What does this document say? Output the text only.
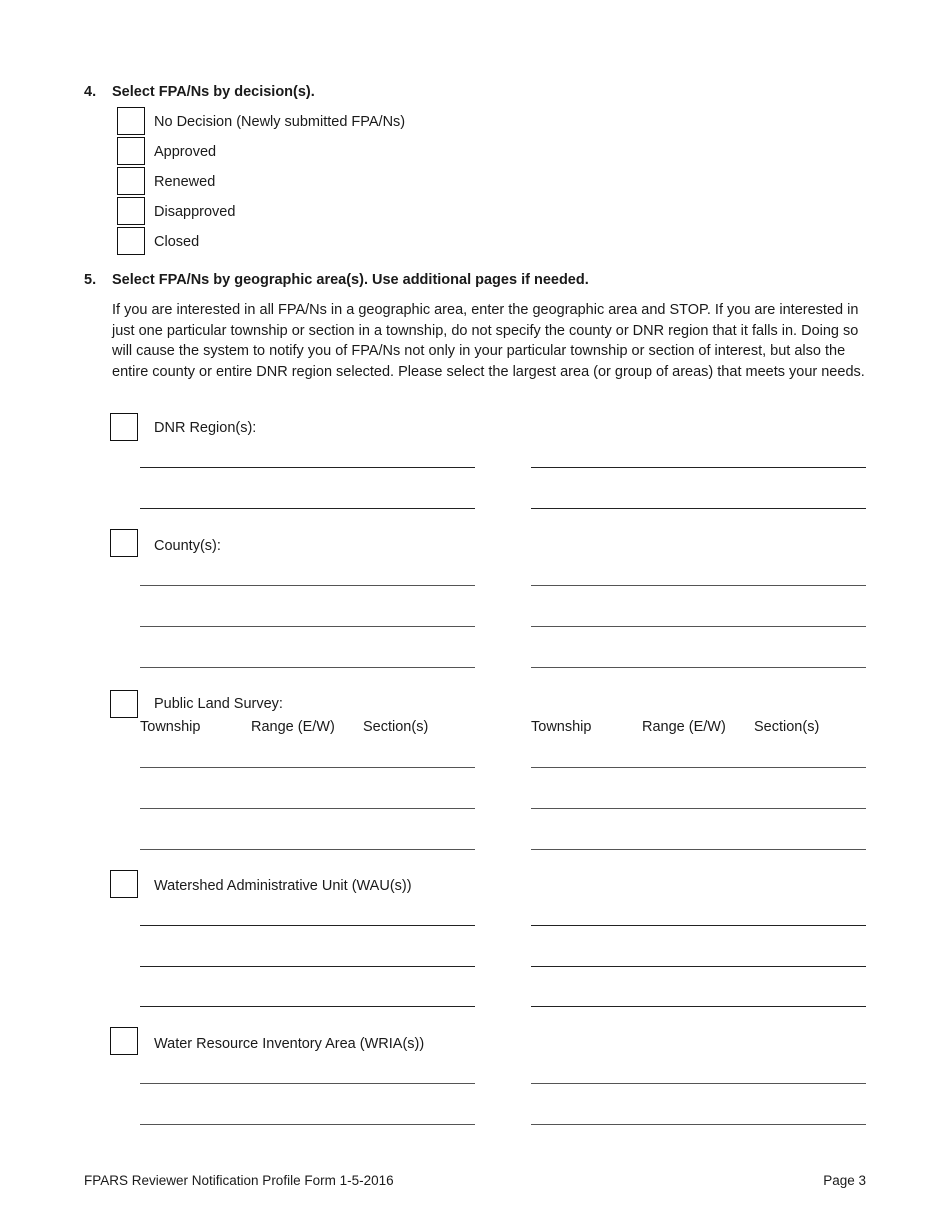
4. Select FPA/Ns by decision(s).
No Decision (Newly submitted FPA/Ns)
Approved
Renewed
Disapproved
Closed
5. Select FPA/Ns by geographic area(s). Use additional pages if needed.
If you are interested in all FPA/Ns in a geographic area, enter the geographic area and STOP. If you are interested in just one particular township or section in a township, do not specify the county or DNR region that it falls in. Doing so will cause the system to notify you of FPA/Ns not only in your particular township or section of interest, but also the entire county or entire DNR region selected. Please select the largest area (or group of areas) that meets your needs.
DNR Region(s):
County(s):
Public Land Survey:
Township	Range (E/W) Section(s)	Township	Range (E/W) Section(s)
Watershed Administrative Unit (WAU(s))
Water Resource Inventory Area (WRIA(s))
FPARS Reviewer Notification Profile Form 1-5-2016	Page 3
